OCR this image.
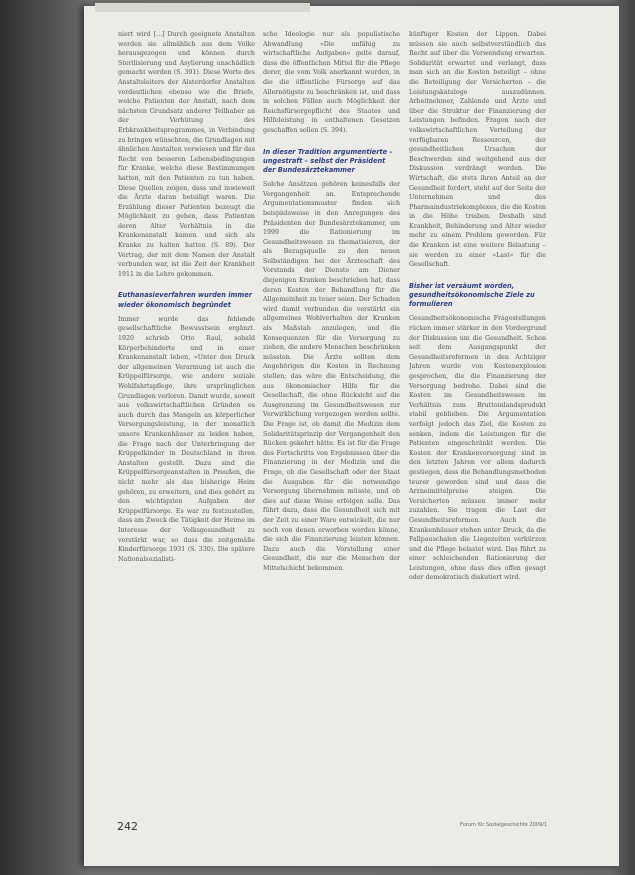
niert wird [...] Durch geeignete Anstalten werden sie allmählich aus dem Volke herausgezogen und können durch Sterilisierung und Asylierung unschädlich gemacht werden (S. 391). Diese Worte des Anstaltsleiters der Alsterdorfer Anstalten verdeutlichen ebenso wie die Briefe, welche Patienten der Anstalt, nach dem nächsten Grundsatz anderer Teilhaber an der Verhütung des Erbkrankheitsprogrammes, in Verbindung zu bringen wünschten, die Grundlagen mit ähnlichen Anstalten verwiesen und für das Recht von besseren Lebensbedingungen für Kranke, welche diese Bestimmungen hatten, mit den Patienten zu tun haben. Diese Quellen zeigen, dass und inwieweit die Ärzte daran beteiligt waren. Die Erzählung dieser Patienten bezeugt die Möglichkeit zu gehen, dass Patienten deren Alter Verhältnis in die Krankenanstalt kamen und sich als Kranke zu halten hatten (S. 89). Der Vertrag, der mit dem Namen der Anstalt verbunden war, ist die Zeit der Krankheit 1911 in die Lehre gekommen.

Euthanasieverfahren wurden immer wieder ökonomisch begründet

Immer wurde das fehlende gesellschaftliche Bewusstsein ergänzt. 1920 schrieb Otto Raul, sobald Körperbehinderte und in einer Krankenanstalt leben, »Unter den Druck der allgemeinen Verarmung ist auch die Krüppelfürsorge, wie andere soziale Wohlfahrtspflege, ihre ursprünglichen Grundlagen verloren. Damit wurde, soweit aus volkswirtschaftlichen Gründen es auch durch das Mangeln an körperlicher Versorgungsleistung, in der monatlich unsere Krankenhäuser zu leiden haben, die Frage nach der Unterbringung der Krüppelkinder in Deutschland in ihren Anstalten gestellt. Dazu sind die Krüppelfürsorgeanstalten in Preußen, die nicht mehr als das bisherige Heim gehören, zu erweitern, und dies gehört zu den wichtigsten Aufgaben der Krüppelfürsorge. Es war zu festzustellen, dass am Zweck die Tätigkeit der Heime im Interesse der Volksgesundheit zu verstärkt war, so dass die zeitgemäße Kinderfürsorge 1931 (S. 330). Die spätere Nationalsozialisti-

sche Ideologie nur als populistische Abwandlung »Die unfähig zu wirtschaftliche Aufgaben« gelte darauf, dass die öffentlichen Mittel für die Pflege derer, die vom Volk anerkannt wurden, in die die öffentliche Fürsorge auf das Allernötigste zu beschränken ist, und dass in solchen Fällen auch Möglichkeit der Reichsfürsorgepflicht des Staates und Hilfeleistung in enthaltenen Gesetzen geschaffen sollen (S. 394).

In dieser Tradition argumentierte – ungestraft – selbst der Präsident der Bundesärztekammer

Solche Ansätzen gehören keinesfalls der Vergangenheit an. Entsprechende Argumentationsmuster finden sich beispielsweise in den Anregungen des Präsidenten der Bundesärztekammer, um 1999 die Rationierung im Gesundheitswesen zu thematisieren, der als Bezugsquelle zu den neuen Selbständigen bei der Ärzteschaft des Vorstands der Dienste am Diener diejenigen Kranken beschrieben hat, dass deren Kosten der Behandlung für die Allgemeinheit zu teuer seien. Der Schaden wird damit verbunden die verstärkt ein allgemeines Wohlverhalten der Kranken als Maßstab anzulegen, und die Konsequenzen für die Versorgung zu ziehen, die andere Menschen beschränken müssten. Die Ärzte sollten dem Angehörigen die Kosten in Rechnung stellen; das wäre die Entscheidung, die aus ökonomischer Hilfe für die Gesellschaft, die ohne Rücksicht auf die Ausgrenzung im Gesundheitswesen zur Verwirklichung vorgezogen werden sollte. Die Frage ist, ob damit die Medizin dem Solidaritätsprinzip der Vergangenheit den Rücken gekehrt hätte. Es ist für die Frage des Fortschritts von Ergebnissen über die Finanzierung in der Medizin und die Frage, ob die Gesellschaft oder der Staat die Ausgaben für die notwendige Versorgung übernehmen müsste, und ob dies auf diese Weise erfolgen solle. Das führt dazu, dass die Gesundheit sich mit der Zeit zu einer Ware entwickelt, die nur noch von denen erworben werden könne, die sich die Finanzierung leisten können. Dazu auch die Vorstellung einer Gesundheit, die nur die Menschen der Mittelschicht bekommen.

künftiger Kosten der Lippen. Dabei müssen sie auch selbstverständlich das Recht auf über die Verwendung erwarten. Solidarität erwartet und verlangt, dass man sich an die Kosten beteiligt – ohne die Beteiligung der Versicherten – die Leistungskataloge auszudünnen. Arbeitnehmer, Zahlende und Ärzte und über die Struktur der Finanzierung der Leistungen befinden. Fragen nach der volkswirtschaftlichen Verteilung der verfügbaren Ressourcen, der gesundheitlichen Ursachen der Beschwerden sind weitgehend aus der Diskussion verdrängt worden. Die Wirtschaft, die stets ihren Anteil an der Gesundheit fordert, steht auf der Seite der Unternehmen und des Pharmaindustriekomplexes, die die Kosten in die Höhe treiben. Deshalb sind Krankheit, Behinderung und Alter wieder mehr zu einem Problem geworden. Für die Kranken ist eine weitere Belastung – sie werden zu einer »Last« für die Gesellschaft.

Bisher ist versäumt worden, gesundheitsökonomische Ziele zu formulieren

Gesundheitsökonomische Fragestellungen rücken immer stärker in den Vordergrund der Diskussion um die Gesundheit. Schon seit dem Ausgangspunkt der Gesundheitsreformen in den Achtziger Jahren wurde von Kostenexplosion gesprochen, die die Finanzierung der Versorgung bedrohe. Dabei sind die Kosten im Gesundheitswesen im Verhältnis zum Bruttoinlandsprodukt stabil geblieben. Die Argumentation verfolgt jedoch das Ziel, die Kosten zu senken, indem die Leistungen für die Patienten eingeschränkt werden. Die Kosten der Krankenversorgung sind in den letzten Jahren vor allem dadurch gestiegen, dass die Behandlungsmethoden teurer geworden sind und dass die Arzneimittelpreise steigen. Die Versicherten müssen immer mehr zuzahlen. Sie tragen die Last der Gesundheitsreformen. Auch die Krankenhäuser stehen unter Druck, da die Fallpauschalen die Liegezeiten verkürzen und die Pflege belastet wird. Das führt zu einer schleichenden Rationierung der Leistungen, ohne dass dies offen gesagt oder demokratisch diskutiert wird.

242	Forum für Sozialgeschichte 2009/1
